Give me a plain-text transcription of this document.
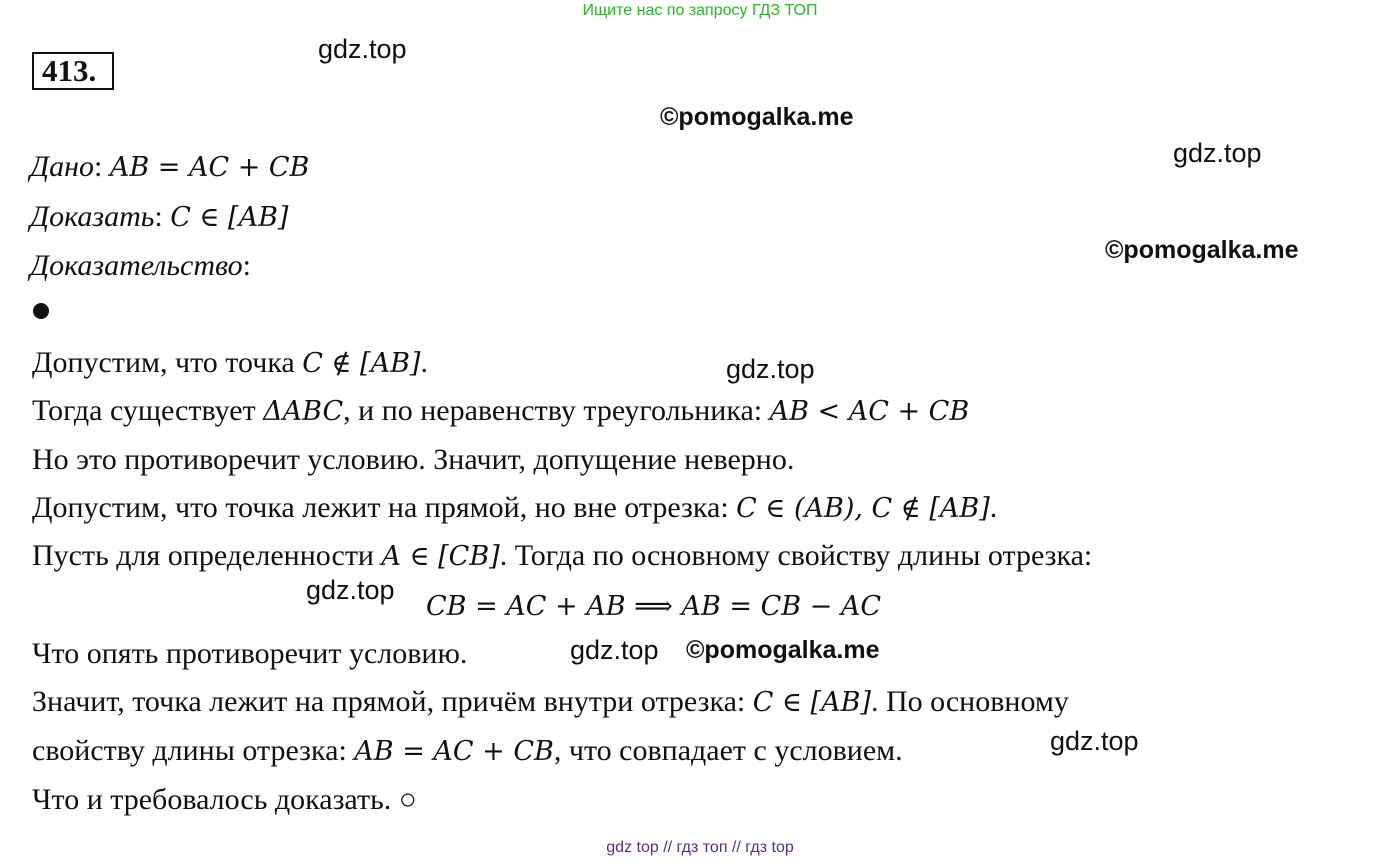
Ищите нас по запросу ГДЗ ТОП
413.
gdz.top
©pomogalka.me
gdz.top
©pomogalka.me
gdz.top
gdz.top
gdz.top ©pomogalka.me
gdz.top
Дано: AB = AC + CB
Доказать: C ∈ [AB]
Доказательство:
Допустим, что точка C ∉ [AB].
Тогда существует ΔABC, и по неравенству треугольника: AB < AC + CB
Но это противоречит условию. Значит, допущение неверно.
Допустим, что точка лежит на прямой, но вне отрезка: C ∈ (AB), C ∉ [AB].
Пусть для определенности A ∈ [CB]. Тогда по основному свойству длины отрезка:
CB = AC + AB ⟹ AB = CB − AC
Что опять противоречит условию.
Значит, точка лежит на прямой, причём внутри отрезка: C ∈ [AB]. По основному
свойству длины отрезка: AB = AC + CB, что совпадает с условием.
Что и требовалось доказать. ○
gdz top // гдз топ // гдз top
